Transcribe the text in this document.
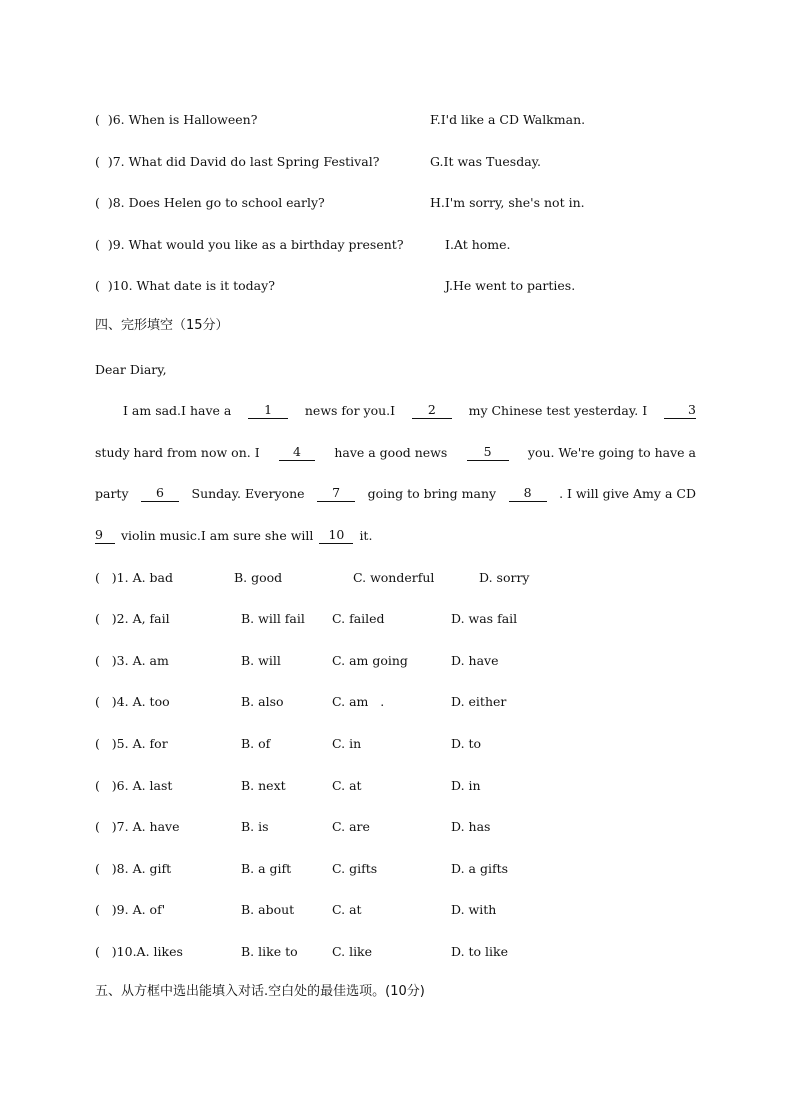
(  )6. When is Halloween?	F.I'd like a CD Walkman.
(  )7. What did David do last Spring Festival?	G.It was Tuesday.
(  )8. Does Helen go to school early?	H.I'm sorry, she's not in.
(  )9. What would you like as a birthday present?	I.At home.
(  )10. What date is it today?	J.He went to parties.
四、完形填空（15分）
Dear Diary,
I am sad.I have a	1	news for you.I	2	my Chinese test yesterday. I	3
study hard from now on. I	4	have a good news	5	you. We're going to have a
party	6	Sunday. Everyone	7	going to bring many	8	. I will give Amy a CD
9	violin music.I am sure she will	10	it.
(   )1. A. bad	B. good	C. wonderful	D. sorry
(   )2. A, fail	B. will fail C. failed	D. was fail
(   )3. A. am	B. will	C. am going	D. have
(   )4. A. too	B. also	C. am   .	D. either
(   )5. A. for	B. of	C. in	D. to
(   )6. A. last	B. next	C. at	D. in
(   )7. A. have	B. is	C. are	D. has
(   )8. A. gift	B. a gift	C. gifts	D. a gifts
(   )9. A. of'	B. about	C. at	D. with
(   )10.A. likes	B. like to	C. like	D. to like
五、从方框中选出能填入对话.空白处的最佳选项。(10分)
